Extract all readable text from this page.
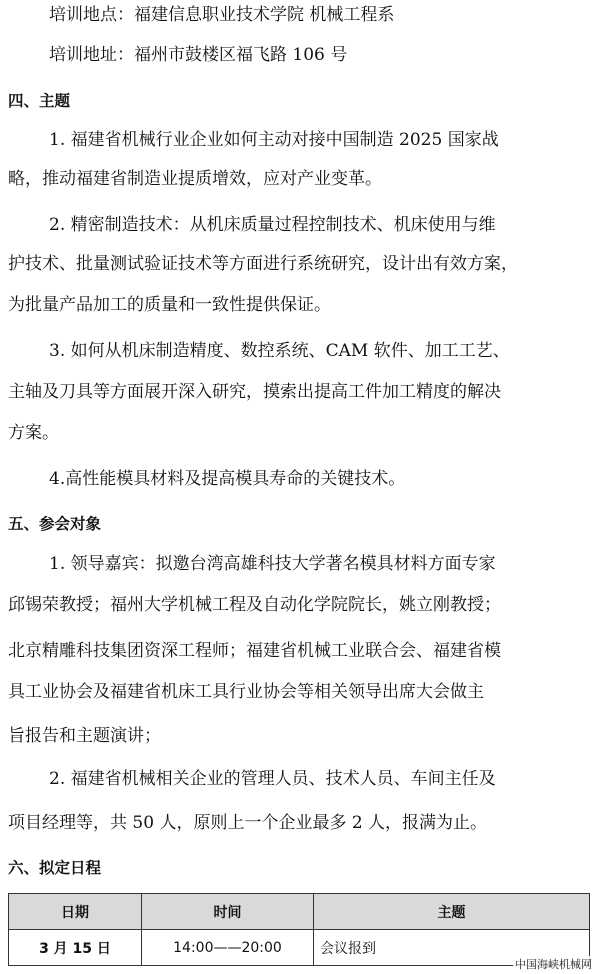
培训地点：福建信息职业技术学院 机械工程系
培训地址：福州市鼓楼区福飞路 106 号
四、主题
1. 福建省机械行业企业如何主动对接中国制造 2025 国家战
略，推动福建省制造业提质增效，应对产业变革。
2. 精密制造技术：从机床质量过程控制技术、机床使用与维
护技术、批量测试验证技术等方面进行系统研究，设计出有效方案，
为批量产品加工的质量和一致性提供保证。
3. 如何从机床制造精度、数控系统、CAM 软件、加工工艺、
主轴及刀具等方面展开深入研究，摸索出提高工件加工精度的解决
方案。
4.高性能模具材料及提高模具寿命的关键技术。
五、参会对象
1. 领导嘉宾：拟邀台湾高雄科技大学著名模具材料方面专家
邱锡荣教授；福州大学机械工程及自动化学院院长，姚立刚教授；
北京精雕科技集团资深工程师；福建省机械工业联合会、福建省模
具工业协会及福建省机床工具行业协会等相关领导出席大会做主
旨报告和主题演讲；
2. 福建省机械相关企业的管理人员、技术人员、车间主任及
项目经理等，共 50 人，原则上一个企业最多 2 人，报满为止。
六、拟定日程
日期	时间	主题
3 月 15 日	14:00——20:00	会议报到
中国海峡机械网
